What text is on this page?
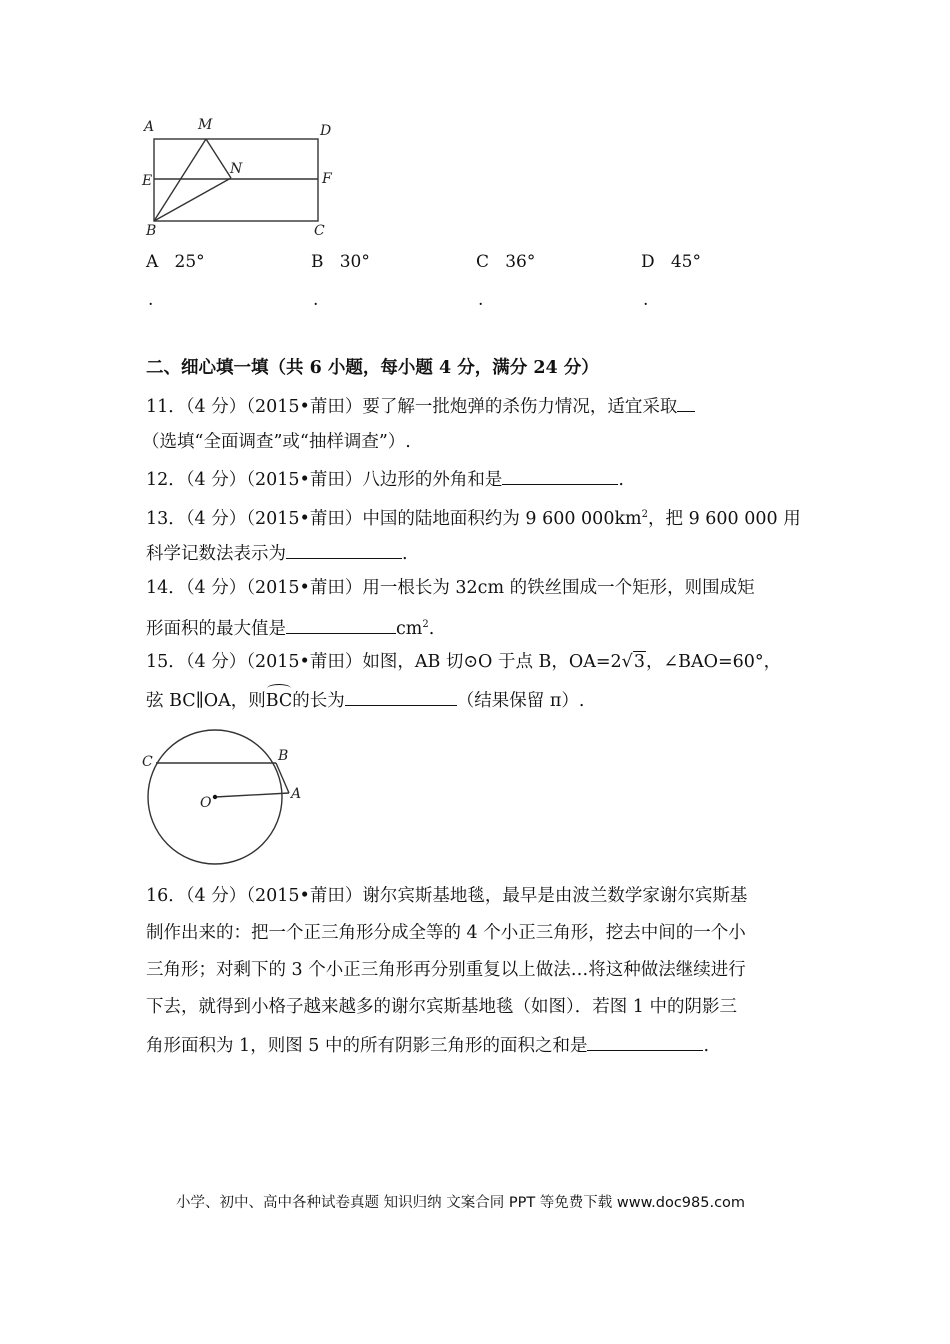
A	M	D
E
N
F
B	C
A 25°	B 30°	C 36°	D 45°
.	.	.	.
二、细心填一填（共 6 小题，每小题 4 分，满分 24 分）
11．（4 分）（2015•莆田）要了解一批炮弹的杀伤力情况，适宜采取
（选填“全面调查”或“抽样调查”）.
12．（4 分）（2015•莆田）八边形的外角和是	.
13．（4 分）（2015•莆田）中国的陆地面积约为 9 600 $000km^2$，把 9 600 000 用
科学记数法表示为	.
14．（4 分）（2015•莆田）用一根长为 32cm 的铁丝围成一个矩形，则围成矩
形面积的最大值是	$cm^2$.
15．（4 分）（2015•莆田）如图，AB 切⊙O 于点 B，OA=2√3，∠BAO=60°，
弦 BC∥OA，则BC的长为	（结果保留 π）.
C	B
O
A
16．（4 分）（2015•莆田）谢尔宾斯基地毯，最早是由波兰数学家谢尔宾斯基
制作出来的：把一个正三角形分成全等的 4 个小正三角形，挖去中间的一个小
三角形；对剩下的 3 个小正三角形再分别重复以上做法…将这种做法继续进行
下去，就得到小格子越来越多的谢尔宾斯基地毯（如图）．若图 1 中的阴影三
角形面积为 1，则图 5 中的所有阴影三角形的面积之和是	.
小学、初中、高中各种试卷真题 知识归纳 文案合同 PPT 等免费下载 www.doc985.com
